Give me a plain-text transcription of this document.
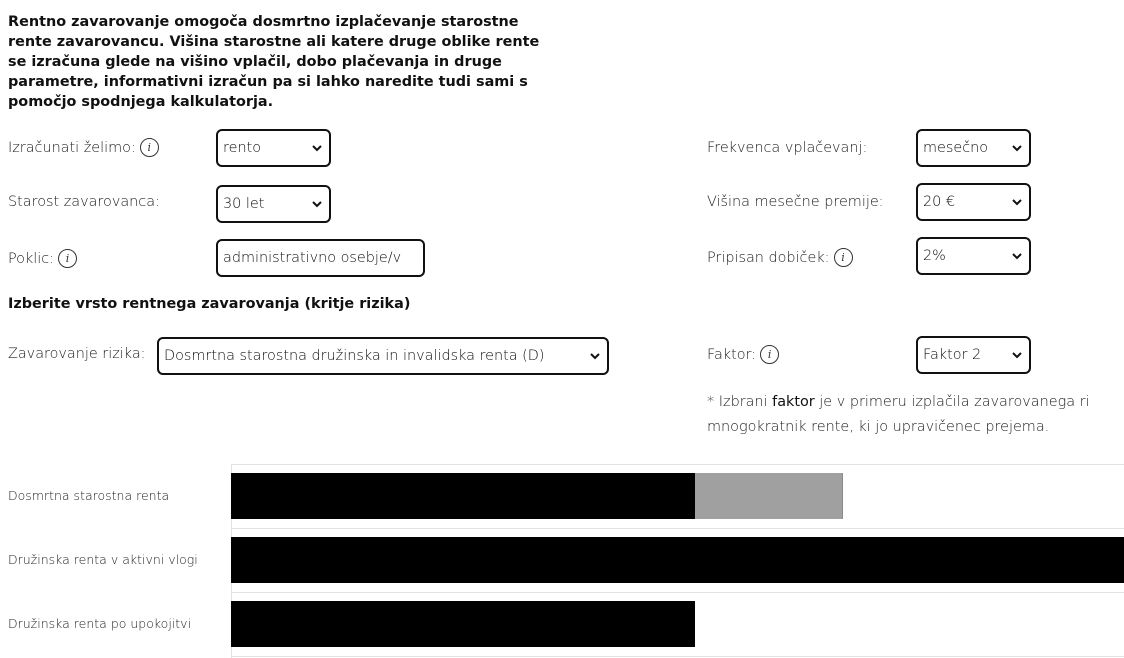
Rentno zavarovanje omogoča dosmrtno izplačevanje starostne rente zavarovancu. Višina starostne ali katere druge oblike rente se izračuna glede na višino vplačil, dobo plačevanja in druge parametre, informativni izračun pa si lahko naredite tudi sami s pomočjo spodnjega kalkulatorja.

Izračunati želimo:	i	rento
Starost zavarovanca:	30 let
Poklic:	i	administrativno osebje/v
Izberite vrsto rentnega zavarovanja (kritje rizika)
Zavarovanje rizika: Dosmrtna starostna družinska in invalidska renta (D)
Frekvenca vplačevanj:	mesečno
Višina mesečne premije:	20 €
Pripisan dobiček:	i	2%
Faktor:	i	Faktor 2
* Izbrani faktor je v primeru izplačila zavarovanega ri
mnogokratnik rente, ki jo upravičenec prejema.
Dosmrtna starostna renta
Družinska renta v aktivni vlogi
Družinska renta po upokojitvi
